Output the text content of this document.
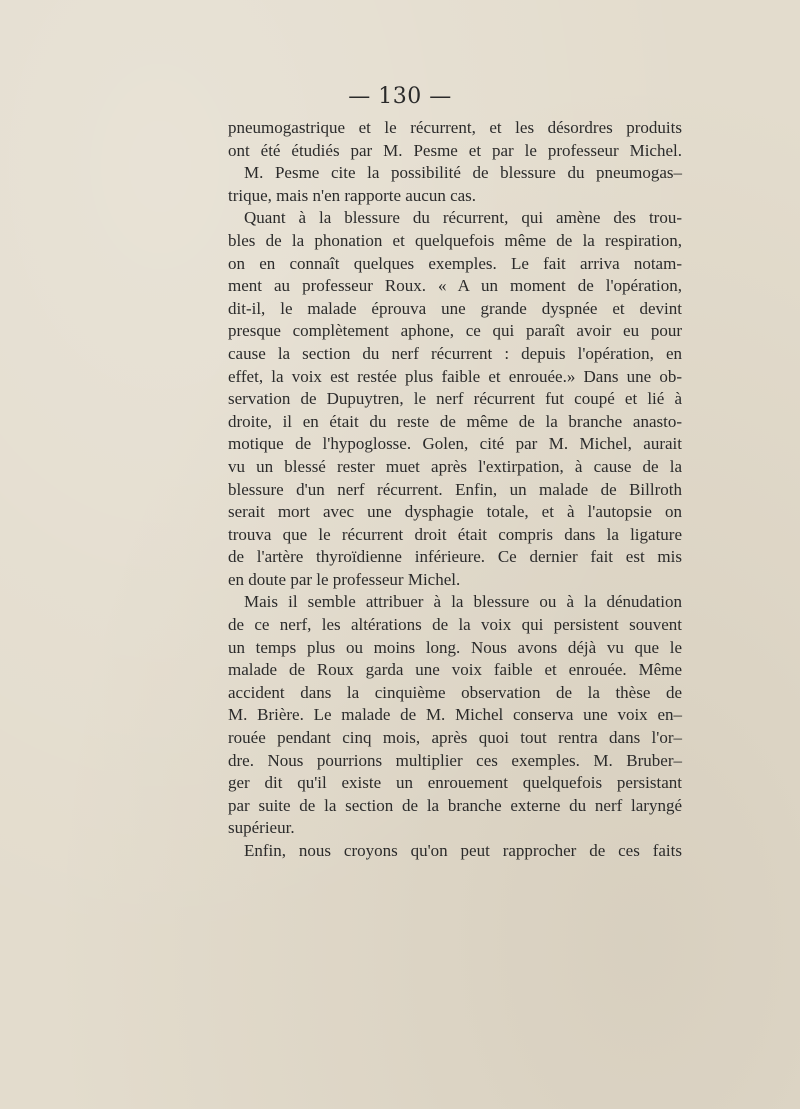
— 130 —
pneumogastrique et le récurrent, et les désordres produits
ont été étudiés par M. Pesme et par le professeur Michel.
M. Pesme cite la possibilité de blessure du pneumogas–
trique, mais n'en rapporte aucun cas.
Quant à la blessure du récurrent, qui amène des trou-
bles de la phonation et quelquefois même de la respiration,
on en connaît quelques exemples. Le fait arriva notam-
ment au professeur Roux. « A un moment de l'opération,
dit-il, le malade éprouva une grande dyspnée et devint
presque complètement aphone, ce qui paraît avoir eu pour
cause la section du nerf récurrent : depuis l'opération, en
effet, la voix est restée plus faible et enrouée.» Dans une ob-
servation de Dupuytren, le nerf récurrent fut coupé et lié à
droite, il en était du reste de même de la branche anasto-
motique de l'hypoglosse. Golen, cité par M. Michel, aurait
vu un blessé rester muet après l'extirpation, à cause de la
blessure d'un nerf récurrent. Enfin, un malade de Billroth
serait mort avec une dysphagie totale, et à l'autopsie on
trouva que le récurrent droit était compris dans la ligature
de l'artère thyroïdienne inférieure. Ce dernier fait est mis
en doute par le professeur Michel.
Mais il semble attribuer à la blessure ou à la dénudation
de ce nerf, les altérations de la voix qui persistent souvent
un temps plus ou moins long. Nous avons déjà vu que le
malade de Roux garda une voix faible et enrouée. Même
accident dans la cinquième observation de la thèse de
M. Brière. Le malade de M. Michel conserva une voix en–
rouée pendant cinq mois, après quoi tout rentra dans l'or–
dre. Nous pourrions multiplier ces exemples. M. Bruber–
ger dit qu'il existe un enrouement quelquefois persistant
par suite de la section de la branche externe du nerf laryngé
supérieur.
Enfin, nous croyons qu'on peut rapprocher de ces faits
